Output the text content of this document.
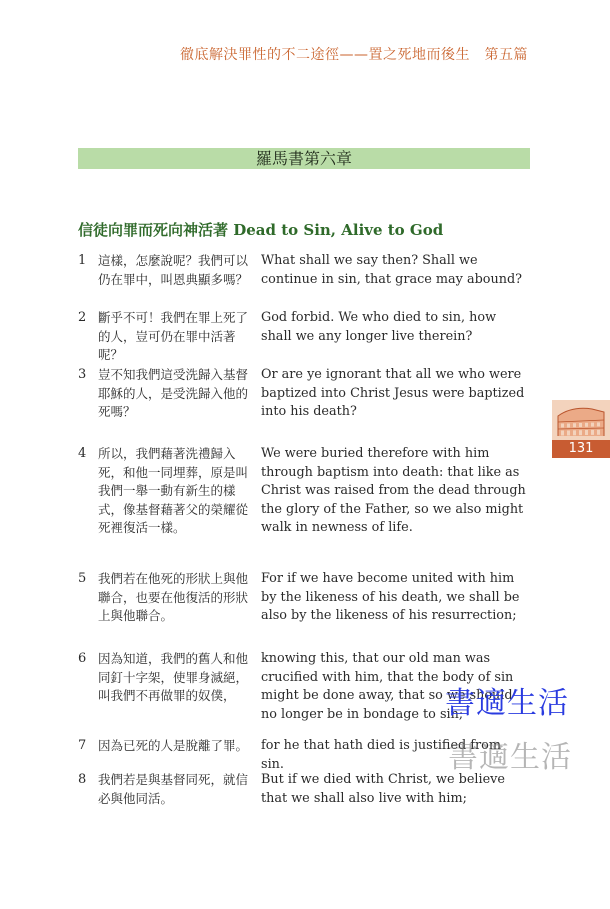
徹底解決罪性的不二途徑——置之死地而後生　第五篇
羅馬書第六章
信徒向罪而死向神活著 Dead to Sin, Alive to God
1 這樣，怎麼說呢？我們可以仍在罪中，叫恩典顯多嗎？
What shall we say then? Shall we continue in sin, that grace may abound?
2 斷乎不可！我們在罪上死了的人，豈可仍在罪中活著呢？
God forbid. We who died to sin, how shall we any longer live therein?
3 豈不知我們這受洗歸入基督耶穌的人，是受洗歸入他的死嗎？
Or are ye ignorant that all we who were baptized into Christ Jesus were baptized into his death?
4 所以，我們藉著洗禮歸入死，和他一同埋葬，原是叫我們一舉一動有新生的樣式，像基督藉著父的榮耀從死裡復活一樣。
We were buried therefore with him through baptism into death: that like as Christ was raised from the dead through the glory of the Father, so we also might walk in newness of life.
5 我們若在他死的形狀上與他聯合，也要在他復活的形狀上與他聯合。
For if we have become united with him by the likeness of his death, we shall be also by the likeness of his resurrection;
6 因為知道，我們的舊人和他同釘十字架，使罪身滅絕，叫我們不再做罪的奴僕，
knowing this, that our old man was crucified with him, that the body of sin might be done away, that so we should no longer be in bondage to sin;
7 因為已死的人是脫離了罪。	for he that hath died is justified from sin.
8 我們若是與基督同死，就信必與他同活。
But if we died with Christ, we believe that we shall also live with him;
131
書適生活
書適生活
